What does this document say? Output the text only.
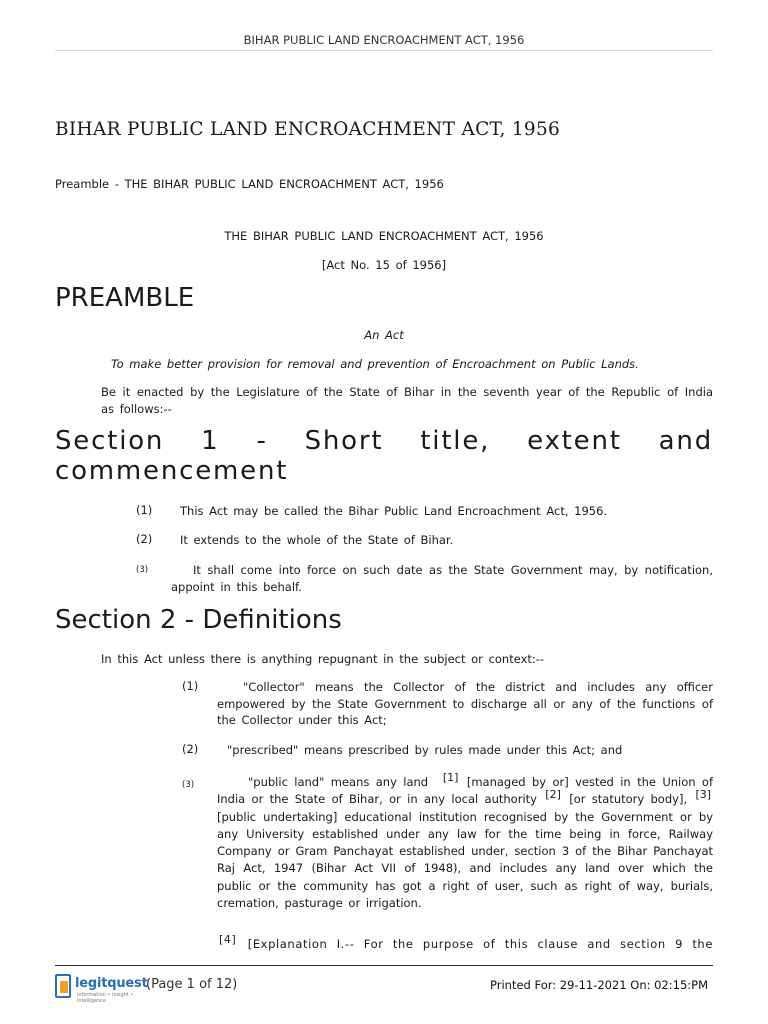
BIHAR PUBLIC LAND ENCROACHMENT ACT, 1956
BIHAR PUBLIC LAND ENCROACHMENT ACT, 1956
Preamble - THE BIHAR PUBLIC LAND ENCROACHMENT ACT, 1956
THE BIHAR PUBLIC LAND ENCROACHMENT ACT, 1956
[Act No. 15 of 1956]
PREAMBLE
An Act
To make better provision for removal and prevention of Encroachment on Public Lands.
Be it enacted by the Legislature of the State of Bihar in the seventh year of the Republic of India as follows:--
Section 1 - Short title, extent and
commencement
(1) This Act may be called the Bihar Public Land Encroachment Act, 1956.
(2) It extends to the whole of the State of Bihar.
(3)	It shall come into force on such date as the State Government may, by notification, appoint in this behalf.
Section 2 - Definitions
In this Act unless there is anything repugnant in the subject or context:--
(1)	"Collector" means the Collector of the district and includes any officer empowered by the State Government to discharge all or any of the functions of the Collector under this Act;
(2) "prescribed" means prescribed by rules made under this Act; and
(3)	"public land" means any land [1] [managed by or] vested in the Union of India or the State of Bihar, or in any local authority [2] [or statutory body], [3] [public undertaking] educational institution recognised by the Government or by any University established under any law for the time being in force, Railway Company or Gram Panchayat established under, section 3 of the Bihar Panchayat Raj Act, 1947 (Bihar Act VII of 1948), and includes any land over which the public or the community has got a right of user, such as right of way, burials, cremation, pasturage or irrigation.
[4] [Explanation I.-- For the purpose of this clause and section 9 the
legitquest
information • insight • intelligence
(Page 1 of 12)	Printed For: 29-11-2021 On: 02:15:PM
